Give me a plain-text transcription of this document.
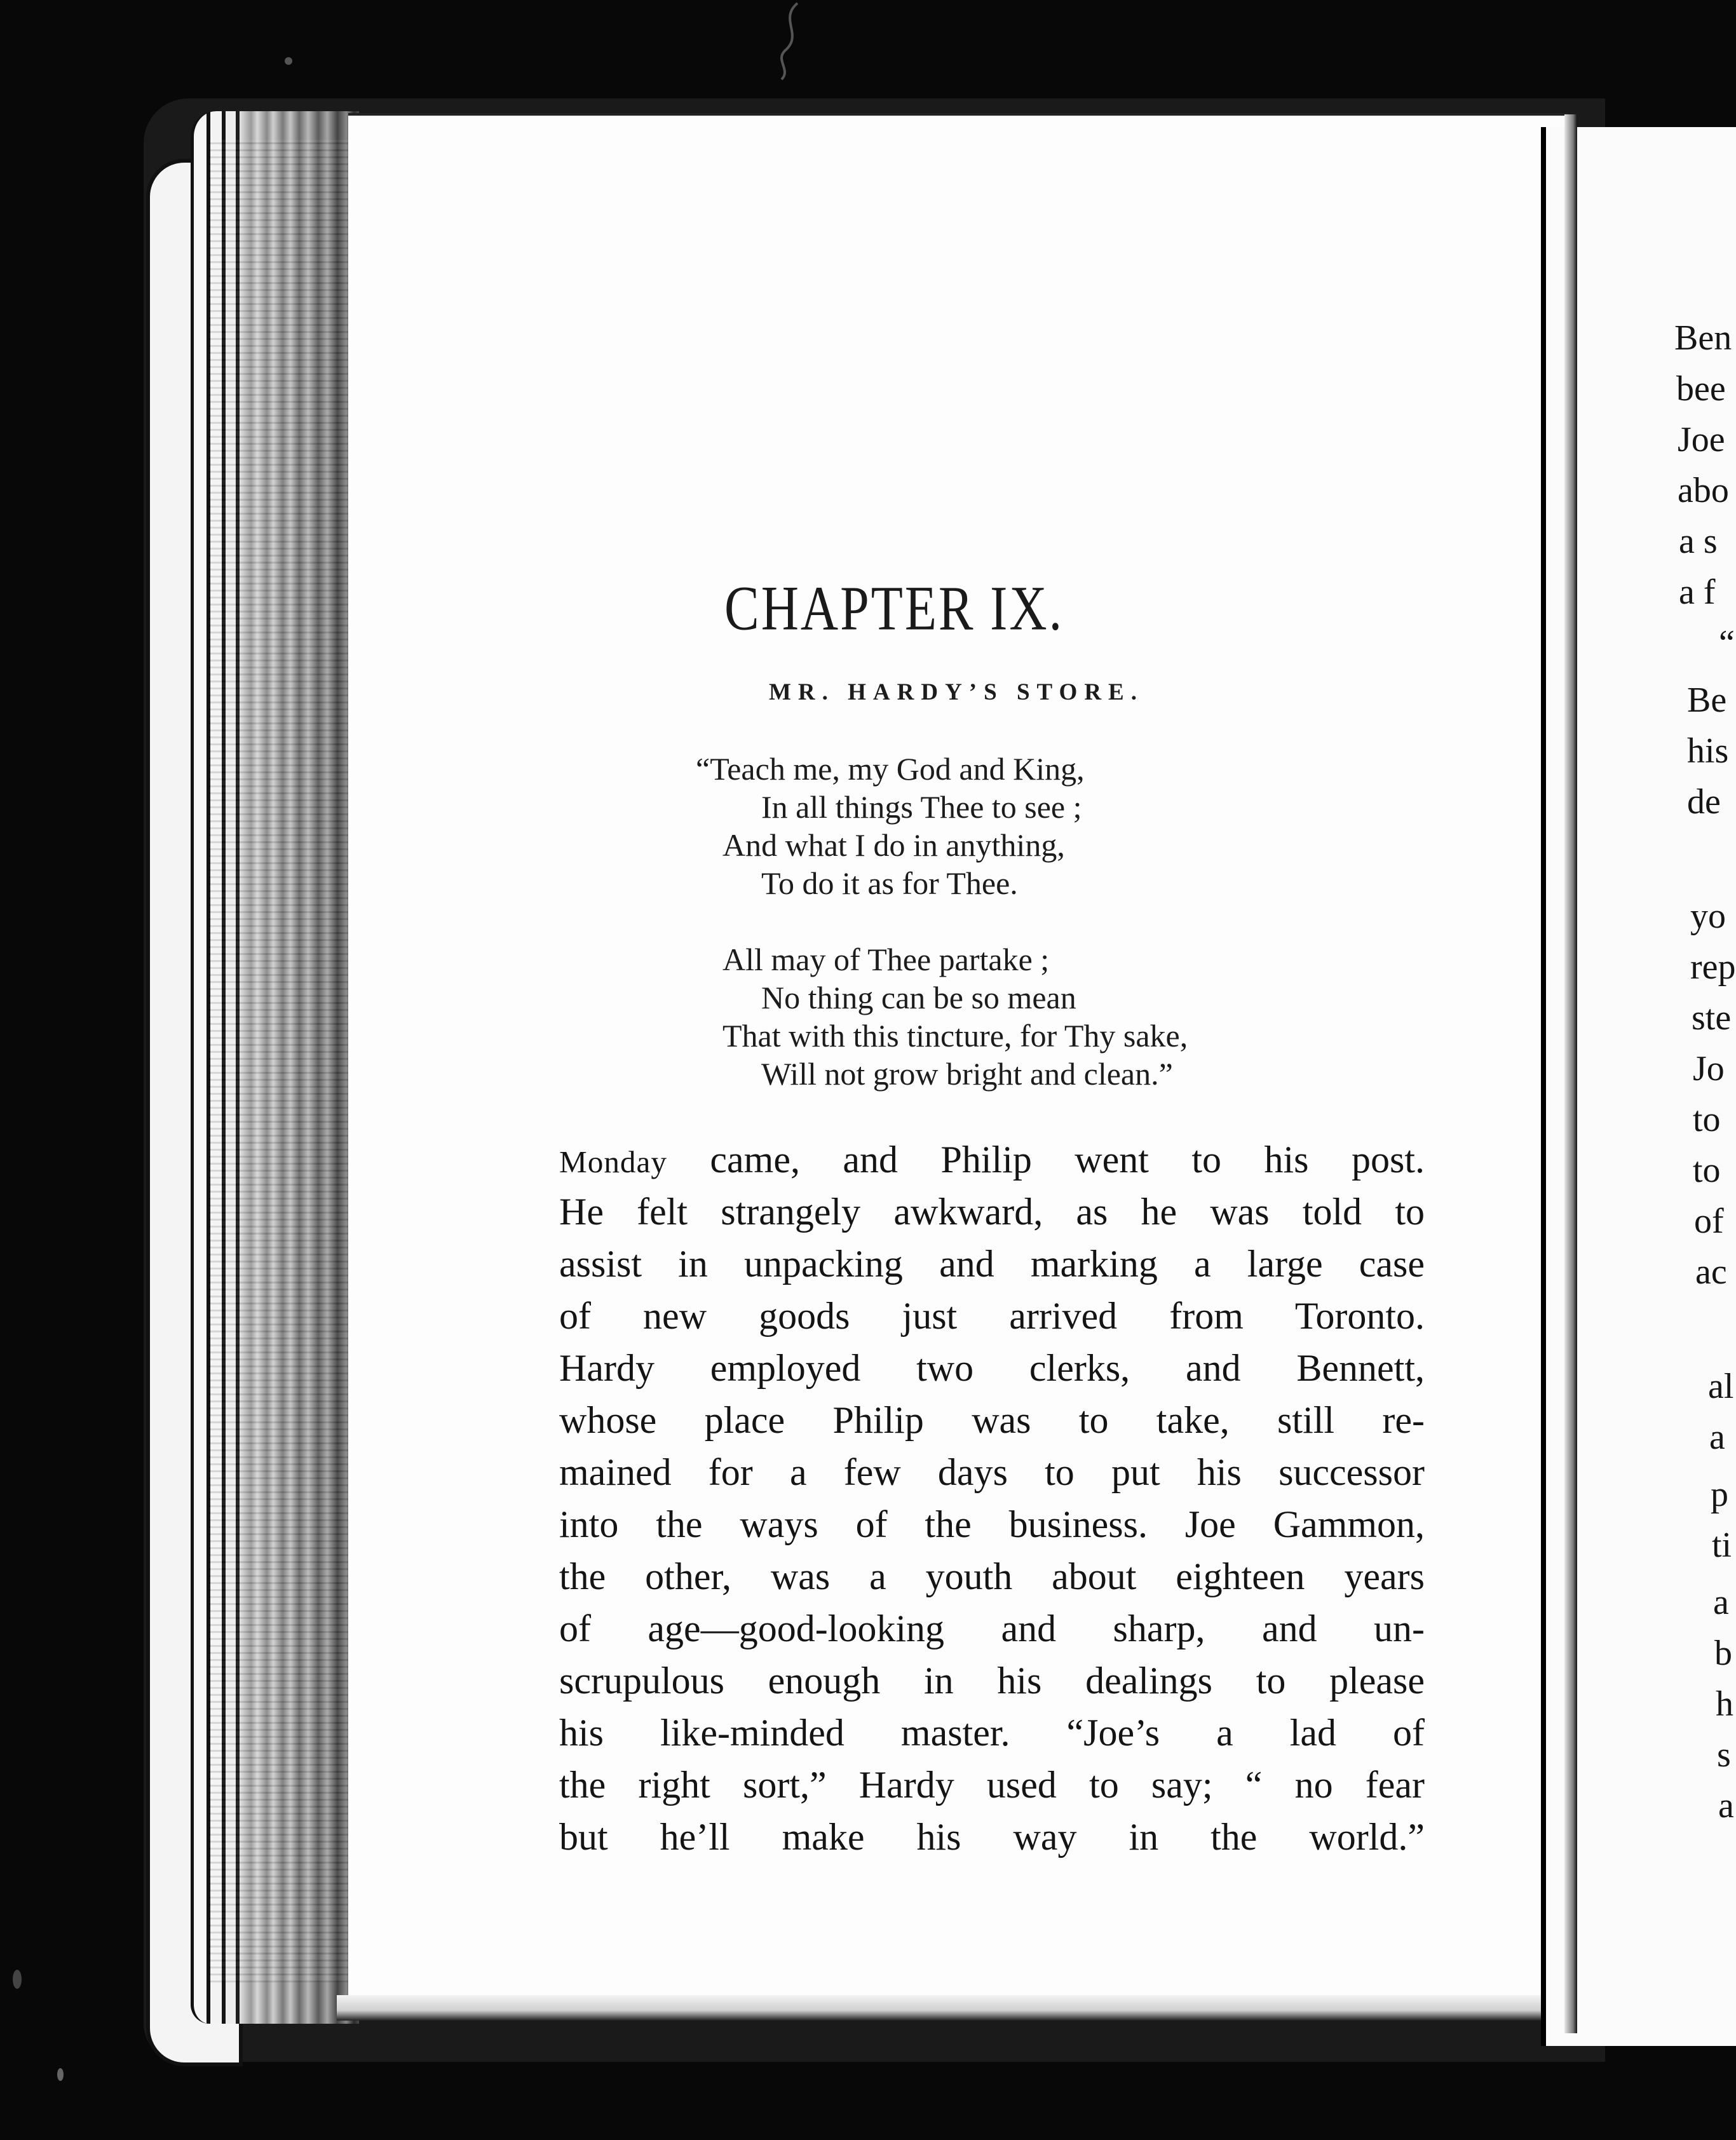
CHAPTER IX.
MR. HARDY’S STORE.
“Teach me, my God and King,
In all things Thee to see ;
And what I do in anything,
To do it as for Thee.
All may of Thee partake ;
No thing can be so mean
That with this tincture, for Thy sake,
Will not grow bright and clean.”
Monday came, and Philip went to his post.
He felt strangely awkward, as he was told to
assist in unpacking and marking a large case
of new goods just arrived from Toronto.
Hardy employed two clerks, and Bennett,
whose place Philip was to take, still re-
mained for a few days to put his successor
into the ways of the business. Joe Gammon,
the other, was a youth about eighteen years
of age—good-looking and sharp, and un-
scrupulous enough in his dealings to please
his like-minded master. “Joe’s a lad of
the right sort,” Hardy used to say; “ no fear
but he’ll make his way in the world.”
Ben
bee
Joe
abo
a s
a f
“
Be
his
de
yo
rep
ste
Jo
to
to
of
ac
al
a
p
ti
a
b
h
s
a
